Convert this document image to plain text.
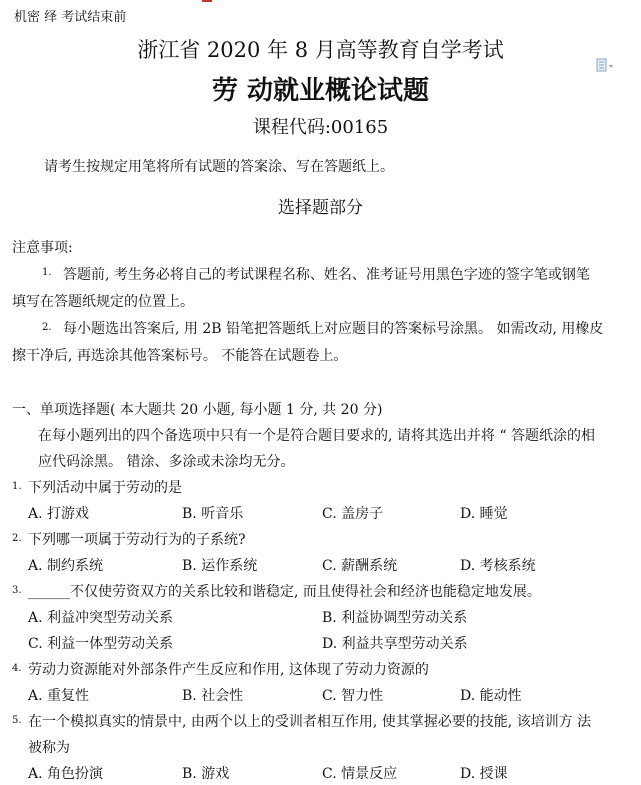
机密 绎 考试结束前
浙江省 2020 年 8 月高等教育自学考试
劳 动就业概论试题
课程代码:00165
请考生按规定用笔将所有试题的答案涂、写在答题纸上。
选择题部分
注意事项:
1. 答题前, 考生务必将自己的考试课程名称、姓名、准考证号用黑色字迹的签字笔或钢笔
填写在答题纸规定的位置上。
2. 每小题选出答案后, 用 2B 铅笔把答题纸上对应题目的答案标号涂黑。 如需改动, 用橡皮
擦干净后, 再选涂其他答案标号。 不能答在试题卷上。
一、单项选择题( 本大题共 20 小题, 每小题 1 分, 共 20 分)
在每小题列出的四个备选项中只有一个是符合题目要求的, 请将其选出并将 “ 答题纸涂的相
应代码涂黑。 错涂、多涂或未涂均无分。
1. 下列活动中属于劳动的是
A. 打游戏	B. 听音乐	C. 盖房子	D. 睡觉
2. 下列哪一项属于劳动行为的子系统?
A. 制约系统	B. 运作系统	C. 薪酬系统	D. 考核系统
3. ______不仅使劳资双方的关系比较和谐稳定, 而且使得社会和经济也能稳定地发展。
A. 利益冲突型劳动关系	B. 利益协调型劳动关系
C. 利益一体型劳动关系	D. 利益共享型劳动关系
4. 劳动力资源能对外部条件产生反应和作用, 这体现了劳动力资源的
A. 重复性	B. 社会性	C. 智力性	D. 能动性
5. 在一个模拟真实的情景中, 由两个以上的受训者相互作用, 使其掌握必要的技能, 该培训方 法
被称为
A. 角色扮演	B. 游戏	C. 情景反应	D. 授课
